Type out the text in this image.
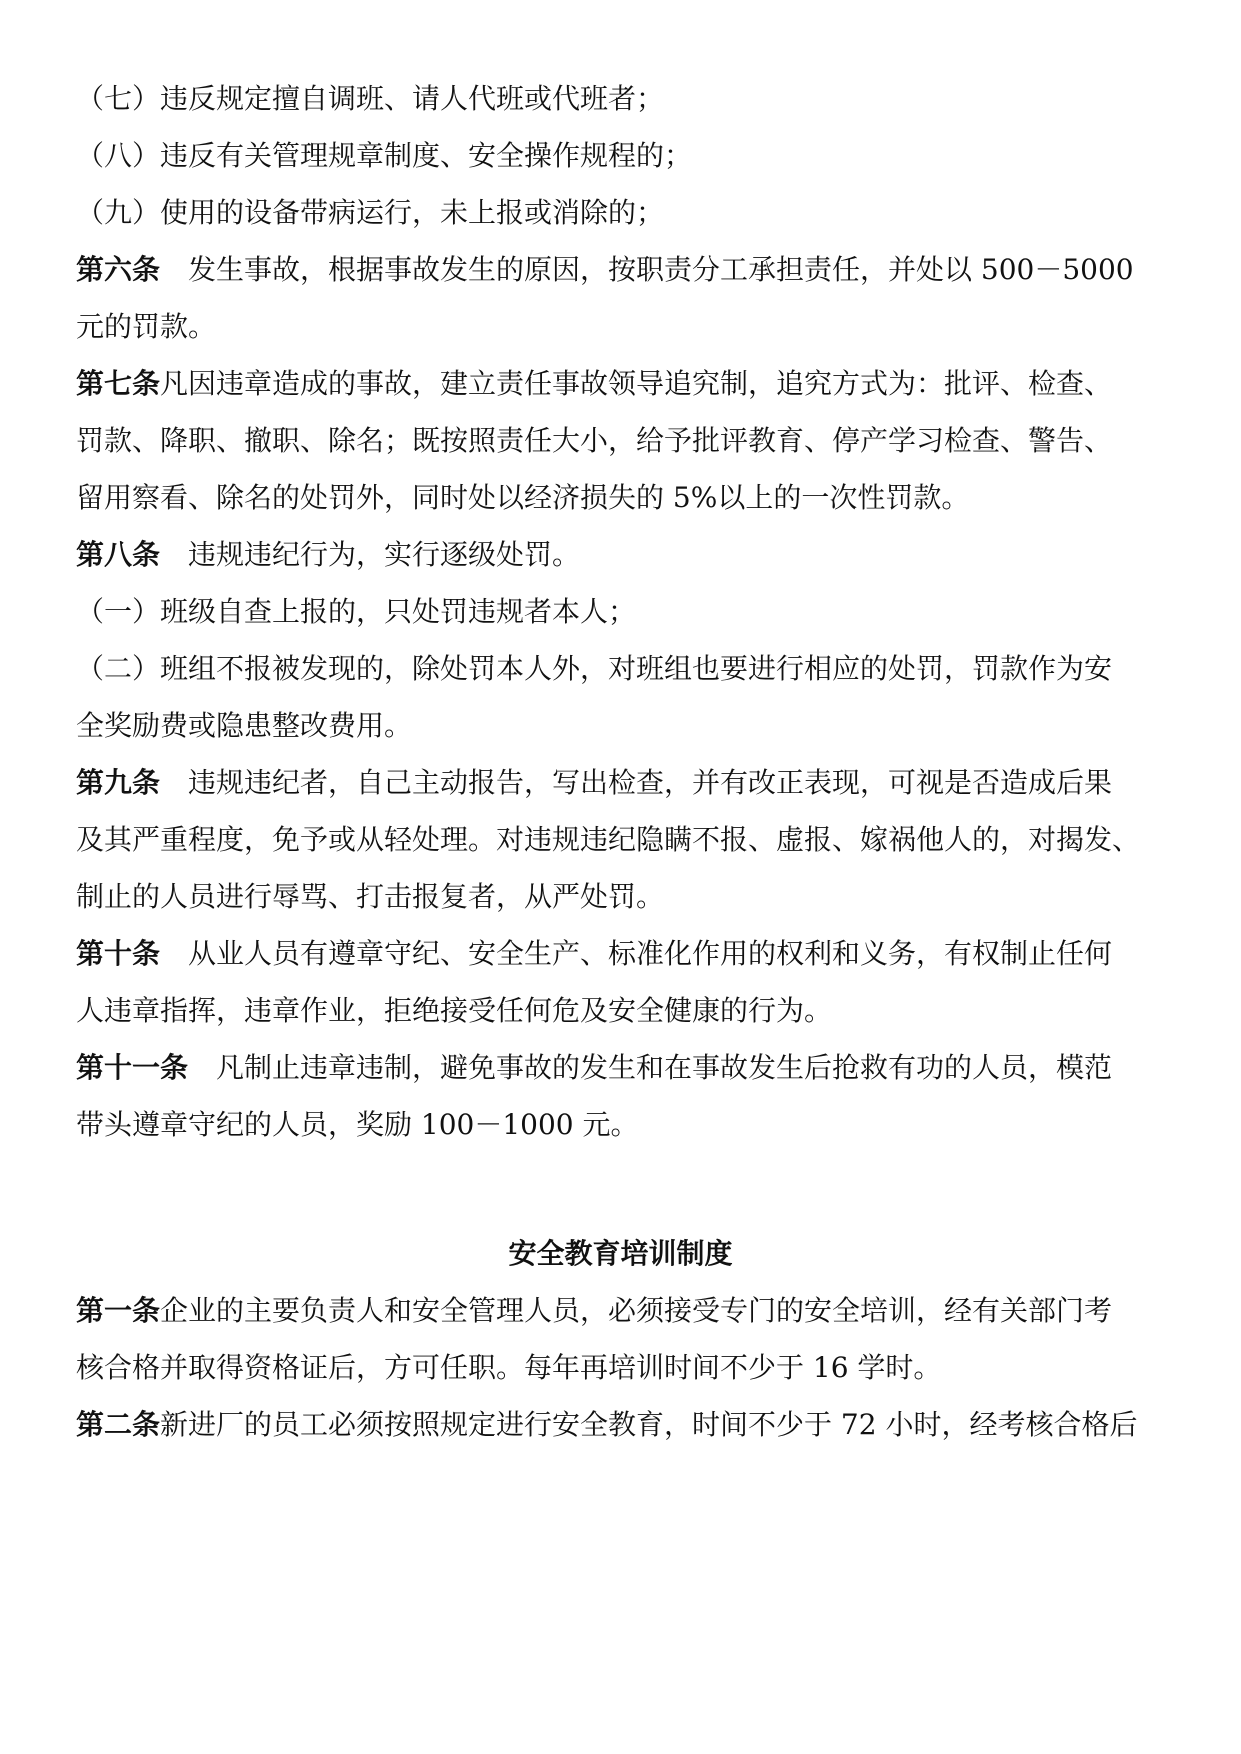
（七）违反规定擅自调班、请人代班或代班者；
（八）违反有关管理规章制度、安全操作规程的；
（九）使用的设备带病运行，未上报或消除的；
第六条　发生事故，根据事故发生的原因，按职责分工承担责任，并处以 500－5000
元的罚款。
第七条凡因违章造成的事故，建立责任事故领导追究制，追究方式为：批评、检查、
罚款、降职、撤职、除名；既按照责任大小，给予批评教育、停产学习检查、警告、
留用察看、除名的处罚外，同时处以经济损失的 5%以上的一次性罚款。
第八条　违规违纪行为，实行逐级处罚。
（一）班级自查上报的，只处罚违规者本人；
（二）班组不报被发现的，除处罚本人外，对班组也要进行相应的处罚，罚款作为安
全奖励费或隐患整改费用。
第九条　违规违纪者，自己主动报告，写出检查，并有改正表现，可视是否造成后果
及其严重程度，免予或从轻处理。对违规违纪隐瞒不报、虚报、嫁祸他人的，对揭发、
制止的人员进行辱骂、打击报复者，从严处罚。
第十条　从业人员有遵章守纪、安全生产、标准化作用的权利和义务，有权制止任何
人违章指挥，违章作业，拒绝接受任何危及安全健康的行为。
第十一条　凡制止违章违制，避免事故的发生和在事故发生后抢救有功的人员，模范
带头遵章守纪的人员，奖励 100－1000 元。
安全教育培训制度
第一条企业的主要负责人和安全管理人员，必须接受专门的安全培训，经有关部门考
核合格并取得资格证后，方可任职。每年再培训时间不少于 16 学时。
第二条新进厂的员工必须按照规定进行安全教育，时间不少于 72 小时，经考核合格后
